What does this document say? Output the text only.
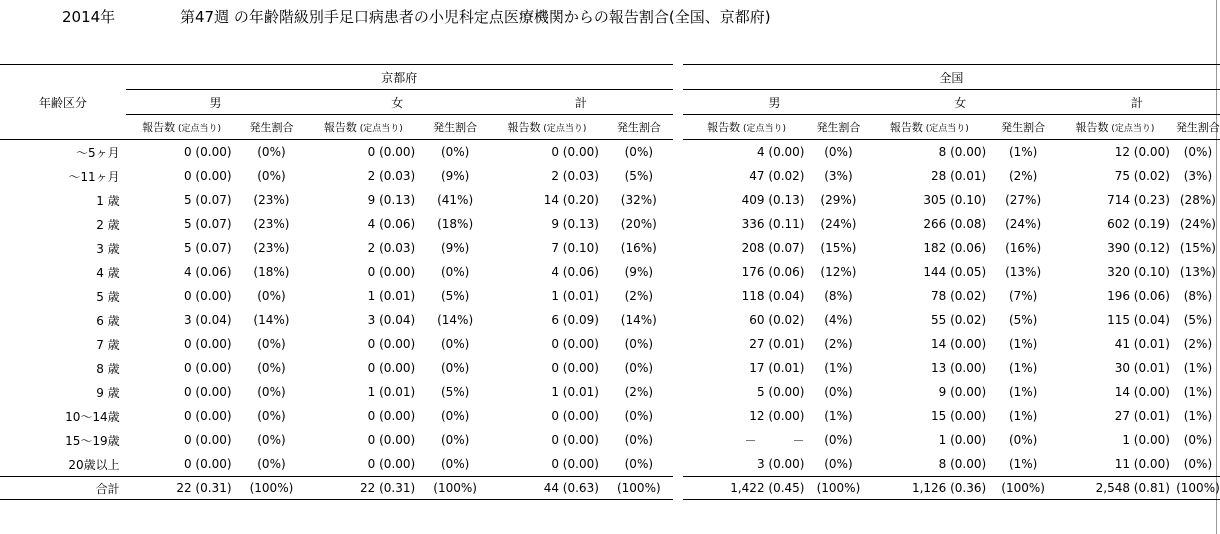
2014年	第47週 の年齢階級別手足口病患者の小児科定点医療機関からの報告割合(全国、京都府)
年齢区分	京都府							全国					
	男		女		計			男		女		計	
	報告数 (定点当り)	発生割合	報告数 (定点当り)	発生割合	報告数 (定点当り)	発生割合		報告数 (定点当り)	発生割合	報告数 (定点当り)	発生割合	報告数 (定点当り)	発生割合
～5ヶ月	0 (0.00)	(0%)	0 (0.00)	(0%)	0 (0.00)	(0%)		4 (0.00)	(0%)	8 (0.00)	(1%)	12 (0.00)	(0%)
～11ヶ月	0 (0.00)	(0%)	2 (0.03)	(9%)	2 (0.03)	(5%)		47 (0.02)	(3%)	28 (0.01)	(2%)	75 (0.02)	(3%)
1 歳	5 (0.07)	(23%)	9 (0.13)	(41%)	14 (0.20)	(32%)		409 (0.13)	(29%)	305 (0.10)	(27%)	714 (0.23)	(28%)
2 歳	5 (0.07)	(23%)	4 (0.06)	(18%)	9 (0.13)	(20%)		336 (0.11)	(24%)	266 (0.08)	(24%)	602 (0.19)	(24%)
3 歳	5 (0.07)	(23%)	2 (0.03)	(9%)	7 (0.10)	(16%)		208 (0.07)	(15%)	182 (0.06)	(16%)	390 (0.12)	(15%)
4 歳	4 (0.06)	(18%)	0 (0.00)	(0%)	4 (0.06)	(9%)		176 (0.06)	(12%)	144 (0.05)	(13%)	320 (0.10)	(13%)
5 歳	0 (0.00)	(0%)	1 (0.01)	(5%)	1 (0.01)	(2%)		118 (0.04)	(8%)	78 (0.02)	(7%)	196 (0.06)	(8%)
6 歳	3 (0.04)	(14%)	3 (0.04)	(14%)	6 (0.09)	(14%)		60 (0.02)	(4%)	55 (0.02)	(5%)	115 (0.04)	(5%)
7 歳	0 (0.00)	(0%)	0 (0.00)	(0%)	0 (0.00)	(0%)		27 (0.01)	(2%)	14 (0.00)	(1%)	41 (0.01)	(2%)
8 歳	0 (0.00)	(0%)	0 (0.00)	(0%)	0 (0.00)	(0%)		17 (0.01)	(1%)	13 (0.00)	(1%)	30 (0.01)	(1%)
9 歳	0 (0.00)	(0%)	1 (0.01)	(5%)	1 (0.01)	(2%)		5 (0.00)	(0%)	9 (0.00)	(1%)	14 (0.00)	(1%)
10～14歳	0 (0.00)	(0%)	0 (0.00)	(0%)	0 (0.00)	(0%)		12 (0.00)	(1%)	15 (0.00)	(1%)	27 (0.01)	(1%)
15～19歳	0 (0.00)	(0%)	0 (0.00)	(0%)	0 (0.00)	(0%)		－　　　－	(0%)	1 (0.00)	(0%)	1 (0.00)	(0%)
20歳以上	0 (0.00)	(0%)	0 (0.00)	(0%)	0 (0.00)	(0%)		3 (0.00)	(0%)	8 (0.00)	(1%)	11 (0.00)	(0%)
合計	22 (0.31)	(100%)	22 (0.31)	(100%)	44 (0.63)	(100%)		1,422 (0.45)	(100%)	1,126 (0.36)	(100%)	2,548 (0.81)	(100%)
